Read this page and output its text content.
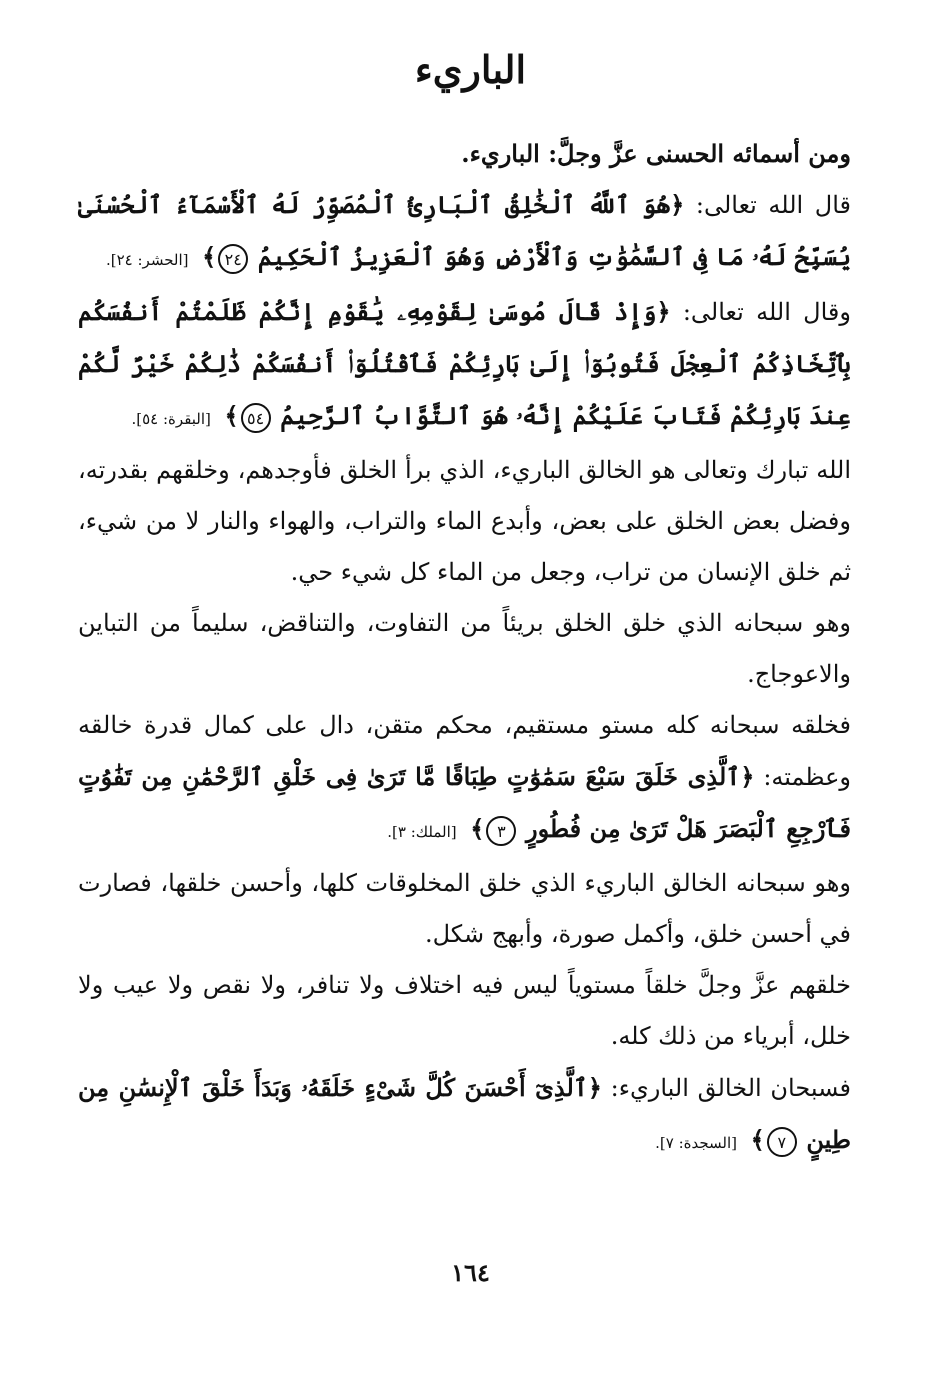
الباريء

ومن أسمائه الحسنى عزَّ وجلَّ: الباريء.

قال الله تعالى: ﴿هُوَ ٱللَّهُ ٱلْخَٰلِقُ ٱلْبَارِئُ ٱلْمُصَوِّرُ لَهُ ٱلْأَسْمَآءُ ٱلْحُسْنَىٰ يُسَبِّحُ لَهُۥ مَا فِى ٱلسَّمَٰوَٰتِ وَٱلْأَرْضِ وَهُوَ ٱلْعَزِيزُ ٱلْحَكِيمُ ٢٤﴾ [الحشر: ٢٤].

وقال الله تعالى: ﴿وَإِذْ قَالَ مُوسَىٰ لِقَوْمِهِۦ يَٰقَوْمِ إِنَّكُمْ ظَلَمْتُمْ أَنفُسَكُم بِٱتِّخَاذِكُمُ ٱلْعِجْلَ فَتُوبُوٓا۟ إِلَىٰ بَارِئِكُمْ فَٱقْتُلُوٓا۟ أَنفُسَكُمْ ذَٰلِكُمْ خَيْرٌ لَّكُمْ عِندَ بَارِئِكُمْ فَتَابَ عَلَيْكُمْ إِنَّهُۥ هُوَ ٱلتَّوَّابُ ٱلرَّحِيمُ ٥٤﴾ [البقرة: ٥٤].

الله تبارك وتعالى هو الخالق الباريء، الذي برأ الخلق فأوجدهم، وخلقهم بقدرته، وفضل بعض الخلق على بعض، وأبدع الماء والتراب، والهواء والنار لا من شيء، ثم خلق الإنسان من تراب، وجعل من الماء كل شيء حي.

وهو سبحانه الذي خلق الخلق بريئاً من التفاوت، والتناقض، سليماً من التباين والاعوجاج.

فخلقه سبحانه كله مستو مستقيم، محكم متقن، دال على كمال قدرة خالقه وعظمته: ﴿ٱلَّذِى خَلَقَ سَبْعَ سَمَٰوَٰتٍ طِبَاقًا مَّا تَرَىٰ فِى خَلْقِ ٱلرَّحْمَٰنِ مِن تَفَٰوُتٍ فَٱرْجِعِ ٱلْبَصَرَ هَلْ تَرَىٰ مِن فُطُورٍ ٣﴾ [الملك: ٣].

وهو سبحانه الخالق الباريء الذي خلق المخلوقات كلها، وأحسن خلقها، فصارت في أحسن خلق، وأكمل صورة، وأبهج شكل.

خلقهم عزَّ وجلَّ خلقاً مستوياً ليس فيه اختلاف ولا تنافر، ولا نقص ولا عيب ولا خلل، أبرياء من ذلك كله.

فسبحان الخالق الباريء: ﴿ٱلَّذِىٓ أَحْسَنَ كُلَّ شَىْءٍ خَلَقَهُۥ وَبَدَأَ خَلْقَ ٱلْإِنسَٰنِ مِن طِينٍ ٧﴾ [السجدة: ٧].

١٦٤
